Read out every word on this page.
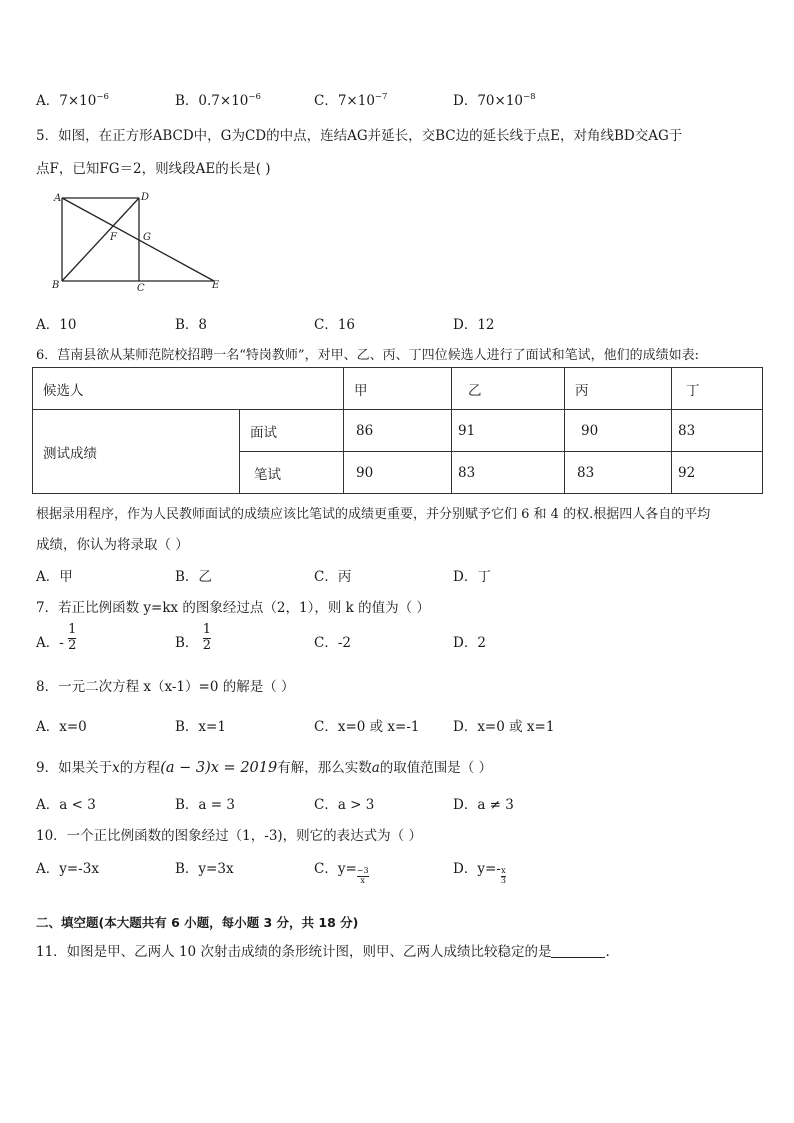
A．$7\times 10^{-6}$	B．$0.7\times 10^{-6}$	C．$7\times 10^{-7}$	D．$70\times 10^{-8}$
5．如图，在正方形ABCD中，G为CD的中点，连结AG并延长，交BC边的延长线于点E，对角线BD交AG于
点F，已知FG＝2，则线段AE的长是( )
A	D
F	G
B	C	E
A．10	B．8	C．16	D．12
6．莒南县欲从某师范院校招聘一名“特岗教师”，对甲、乙、丙、丁四位候选人进行了面试和笔试，他们的成绩如表:
候选人		甲	乙	丙	丁
测试成绩	面试	86	91	90	83
	笔试	90	83	83	92
根据录用程序，作为人民教师面试的成绩应该比笔试的成绩更重要，并分别赋予它们 6 和 4 的权.根据四人各自的平均
成绩，你认为将录取（ ）
A．甲	B．乙	C．丙	D．丁
7．若正比例函数 y=kx 的图象经过点（2，1），则 k 的值为（ ）
A．- $\frac{1}{2}$	B． $\frac{1}{2}$	C．-2	D．2
8．一元二次方程 x（x-1）=0 的解是（ ）
A．x=0	B．x=1	C．x=0 或 x=-1 D．x=0 或 x=1
9．如果关于x的方程(a − 3)x = 2019有解，那么实数a的取值范围是（ ）
A．a < 3	B．a = 3	C．a > 3	D．a ≠ 3
10．一个正比例函数的图象经过（1，-3)，则它的表达式为（ ）
A．y=-3x	B．y=3x	C．$y=\frac{-3}{x}$	D．$y=-\frac{x}{3}$
二、填空题(本大题共有 6 小题，每小题 3 分，共 18 分)
11．如图是甲、乙两人 10 次射击成绩的条形统计图，则甲、乙两人成绩比较稳定的是	.
